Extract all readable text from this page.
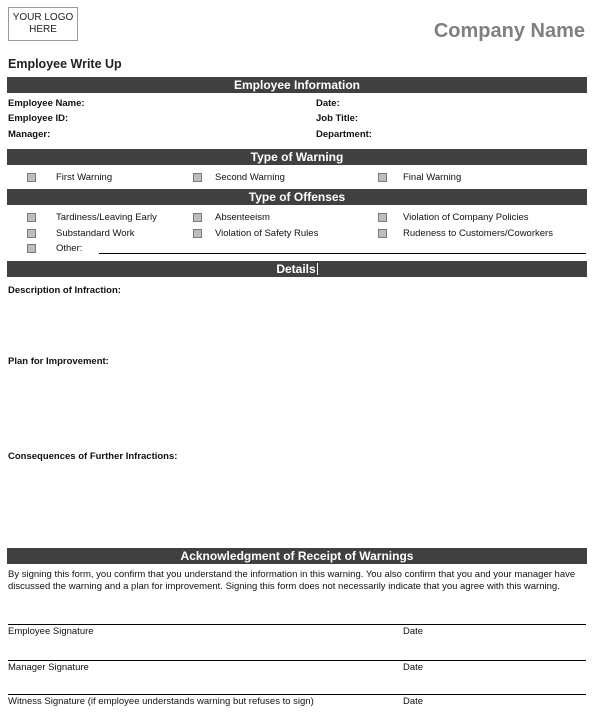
YOUR LOGO
HERE	Company Name
Employee Write Up
Employee Information
Employee Name:	Date:
Employee ID:	Job Title:
Manager:	Department:
Type of Warning
First Warning	Second Warning	Final Warning
Type of Offenses
Tardiness/Leaving Early	Absenteeism	Violation of Company Policies
Substandard Work	Violation of Safety Rules	Rudeness to Customers/Coworkers
Other:
Details
Description of Infraction:
Plan for Improvement:
Consequences of Further Infractions:
Acknowledgment of Receipt of Warnings
By signing this form, you confirm that you understand the information in this warning. You also confirm that you and your manager have discussed the warning and a plan for improvement. Signing this form does not necessarily indicate that you agree with this warning.
Employee Signature	Date
Manager Signature	Date
Witness Signature (if employee understands warning but refuses to sign)	Date
